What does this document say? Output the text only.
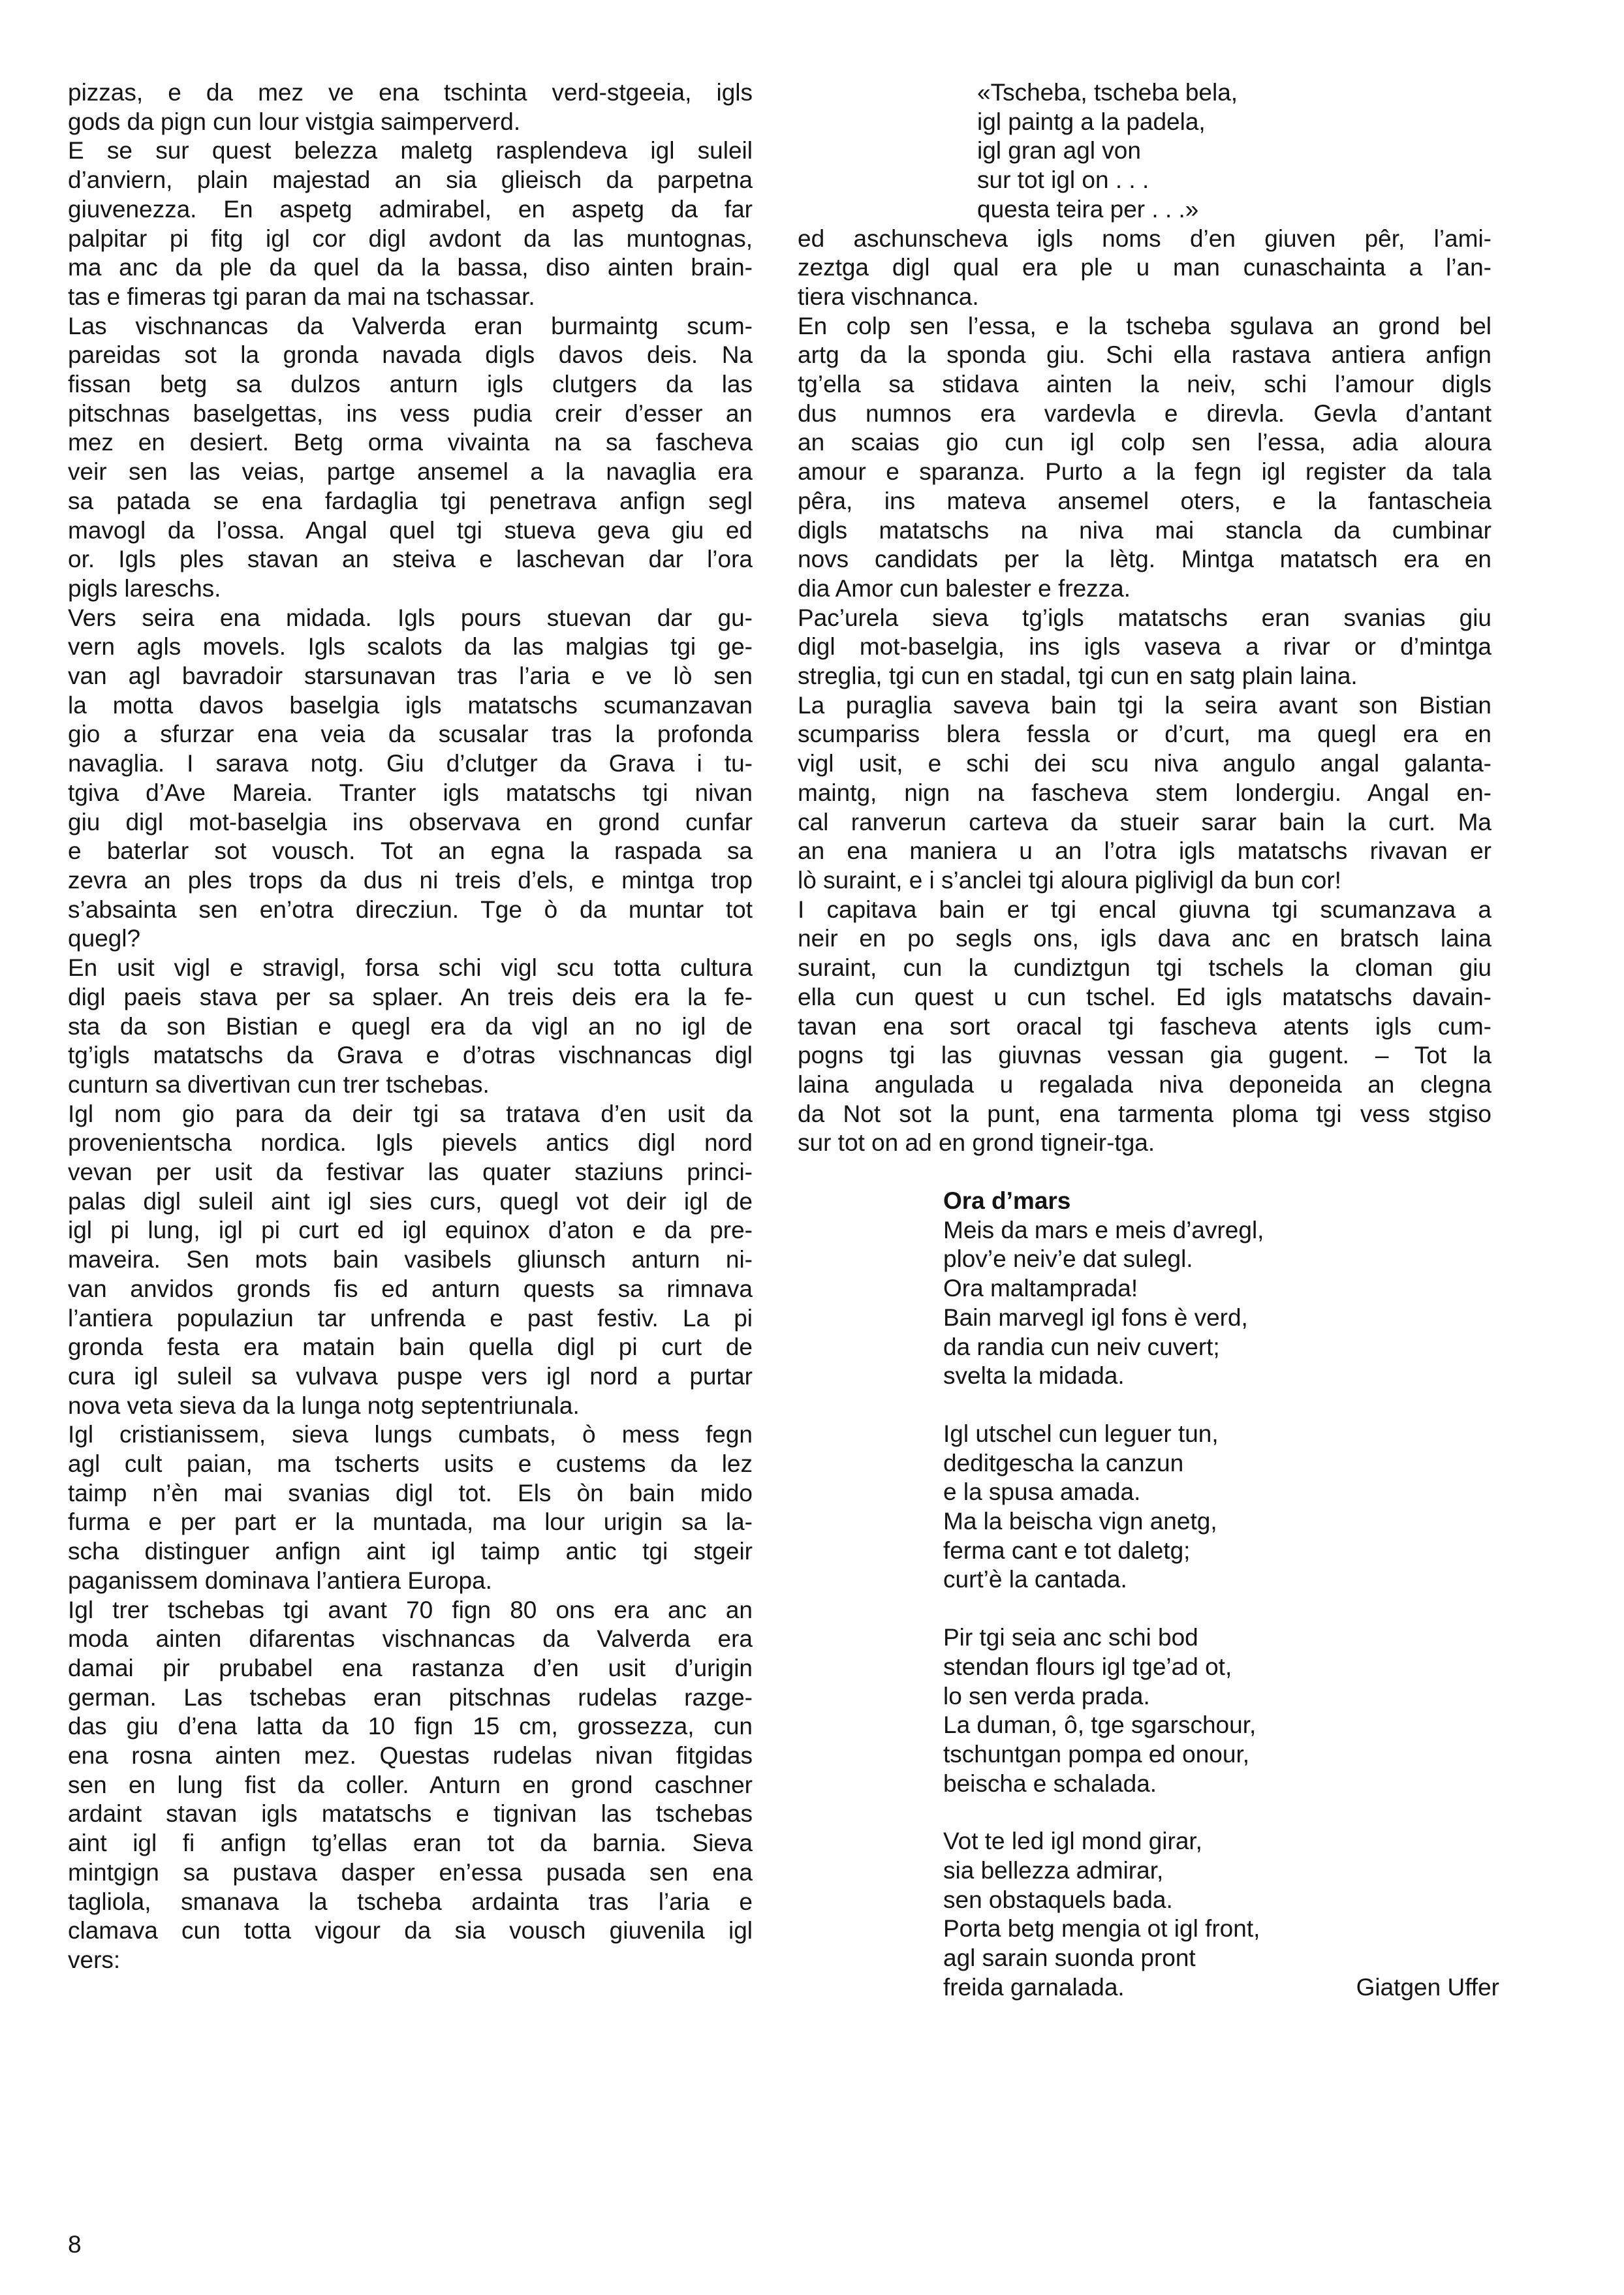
pizzas, e da mez ve ena tschinta verd-stgeeia, igls

gods da pign cun lour vistgia saimperverd.

E se sur quest belezza maletg rasplendeva igl suleil

d’anviern, plain majestad an sia glieisch da parpetna

giuvenezza. En aspetg admirabel, en aspetg da far

palpitar pi fitg igl cor digl avdont da las muntognas,

ma anc da ple da quel da la bassa, diso ainten brain-

tas e fimeras tgi paran da mai na tschassar.

Las vischnancas da Valverda eran burmaintg scum-

pareidas sot la gronda navada digls davos deis. Na

fissan betg sa dulzos anturn igls clutgers da las

pitschnas baselgettas, ins vess pudia creir d’esser an

mez en desiert. Betg orma vivainta na sa fascheva

veir sen las veias, partge ansemel a la navaglia era

sa patada se ena fardaglia tgi penetrava anfign segl

mavogl da l’ossa. Angal quel tgi stueva geva giu ed

or. Igls ples stavan an steiva e laschevan dar l’ora

pigls lareschs.

Vers seira ena midada. Igls pours stuevan dar gu-

vern agls movels. Igls scalots da las malgias tgi ge-

van agl bavradoir starsunavan tras l’aria e ve lò sen

la motta davos baselgia igls matatschs scumanzavan

gio a sfurzar ena veia da scusalar tras la profonda

navaglia. I sarava notg. Giu d’clutger da Grava i tu-

tgiva d’Ave Mareia. Tranter igls matatschs tgi nivan

giu digl mot-baselgia ins observava en grond cunfar

e baterlar sot vousch. Tot an egna la raspada sa

zevra an ples trops da dus ni treis d’els, e mintga trop

s’absainta sen en’otra direcziun. Tge ò da muntar tot

quegl?

En usit vigl e stravigl, forsa schi vigl scu totta cultura

digl paeis stava per sa splaer. An treis deis era la fe-

sta da son Bistian e quegl era da vigl an no igl de

tg’igls matatschs da Grava e d’otras vischnancas digl

cunturn sa divertivan cun trer tschebas.

Igl nom gio para da deir tgi sa tratava d’en usit da

provenientscha nordica. Igls pievels antics digl nord

vevan per usit da festivar las quater staziuns princi-

palas digl suleil aint igl sies curs, quegl vot deir igl de

igl pi lung, igl pi curt ed igl equinox d’aton e da pre-

maveira. Sen mots bain vasibels gliunsch anturn ni-

van anvidos gronds fis ed anturn quests sa rimnava

l’antiera populaziun tar unfrenda e past festiv. La pi

gronda festa era matain bain quella digl pi curt de

cura igl suleil sa vulvava puspe vers igl nord a purtar

nova veta sieva da la lunga notg septentriunala.

Igl cristianissem, sieva lungs cumbats, ò mess fegn

agl cult paian, ma tscherts usits e custems da lez

taimp n’èn mai svanias digl tot. Els òn bain mido

furma e per part er la muntada, ma lour urigin sa la-

scha distinguer anfign aint igl taimp antic tgi stgeir

paganissem dominava l’antiera Europa.

Igl trer tschebas tgi avant 70 fign 80 ons era anc an

moda ainten difarentas vischnancas da Valverda era

damai pir prubabel ena rastanza d’en usit d’urigin

german. Las tschebas eran pitschnas rudelas razge-

das giu d’ena latta da 10 fign 15 cm, grossezza, cun

ena rosna ainten mez. Questas rudelas nivan fitgidas

sen en lung fist da coller. Anturn en grond caschner

ardaint stavan igls matatschs e tignivan las tschebas

aint igl fi anfign tg’ellas eran tot da barnia. Sieva

mintgign sa pustava dasper en’essa pusada sen ena

tagliola, smanava la tscheba ardainta tras l’aria e

clamava cun totta vigour da sia vousch giuvenila igl

vers:

«Tscheba, tscheba bela,
igl paintg a la padela,
igl gran agl von
sur tot igl on . . .
questa teira per . . .»

ed aschunscheva igls noms d’en giuven pêr, l’ami-

zeztga digl qual era ple u man cunaschainta a l’an-

tiera vischnanca.

En colp sen l’essa, e la tscheba sgulava an grond bel

artg da la sponda giu. Schi ella rastava antiera anfign

tg’ella sa stidava ainten la neiv, schi l’amour digls

dus numnos era vardevla e direvla. Gevla d’antant

an scaias gio cun igl colp sen l’essa, adia aloura

amour e sparanza. Purto a la fegn igl register da tala

pêra, ins mateva ansemel oters, e la fantascheia

digls matatschs na niva mai stancla da cumbinar

novs candidats per la lètg. Mintga matatsch era en

dia Amor cun balester e frezza.

Pac’urela sieva tg’igls matatschs eran svanias giu

digl mot-baselgia, ins igls vaseva a rivar or d’mintga

streglia, tgi cun en stadal, tgi cun en satg plain laina.

La puraglia saveva bain tgi la seira avant son Bistian

scumpariss blera fessla or d’curt, ma quegl era en

vigl usit, e schi dei scu niva angulo angal galanta-

maintg, nign na fascheva stem londergiu. Angal en-

cal ranverun carteva da stueir sarar bain la curt. Ma

an ena maniera u an l’otra igls matatschs rivavan er

lò suraint, e i s’anclei tgi aloura piglivigl da bun cor!

I capitava bain er tgi encal giuvna tgi scumanzava a

neir en po segls ons, igls dava anc en bratsch laina

suraint, cun la cundiztgun tgi tschels la cloman giu

ella cun quest u cun tschel. Ed igls matatschs davain-

tavan ena sort oracal tgi fascheva atents igls cum-

pogns tgi las giuvnas vessan gia gugent. – Tot la

laina angulada u regalada niva deponeida an clegna

da Not sot la punt, ena tarmenta ploma tgi vess stgiso

sur tot on ad en grond tigneir-tga.

Ora d’mars
Meis da mars e meis d’avregl,
plov’e neiv’e dat sulegl.
Ora maltamprada!
Bain marvegl igl fons è verd,
da randia cun neiv cuvert;
svelta la midada.
Igl utschel cun leguer tun,
deditgescha la canzun
e la spusa amada.
Ma la beischa vign anetg,
ferma cant e tot daletg;
curt’è la cantada.
Pir tgi seia anc schi bod
stendan flours igl tge’ad ot,
lo sen verda prada.
La duman, ô, tge sgarschour,
tschuntgan pompa ed onour,
beischa e schalada.
Vot te led igl mond girar,
sia bellezza admirar,
sen obstaquels bada.
Porta betg mengia ot igl front,
agl sarain suonda pront
freida garnalada.	Giatgen Uffer
8
